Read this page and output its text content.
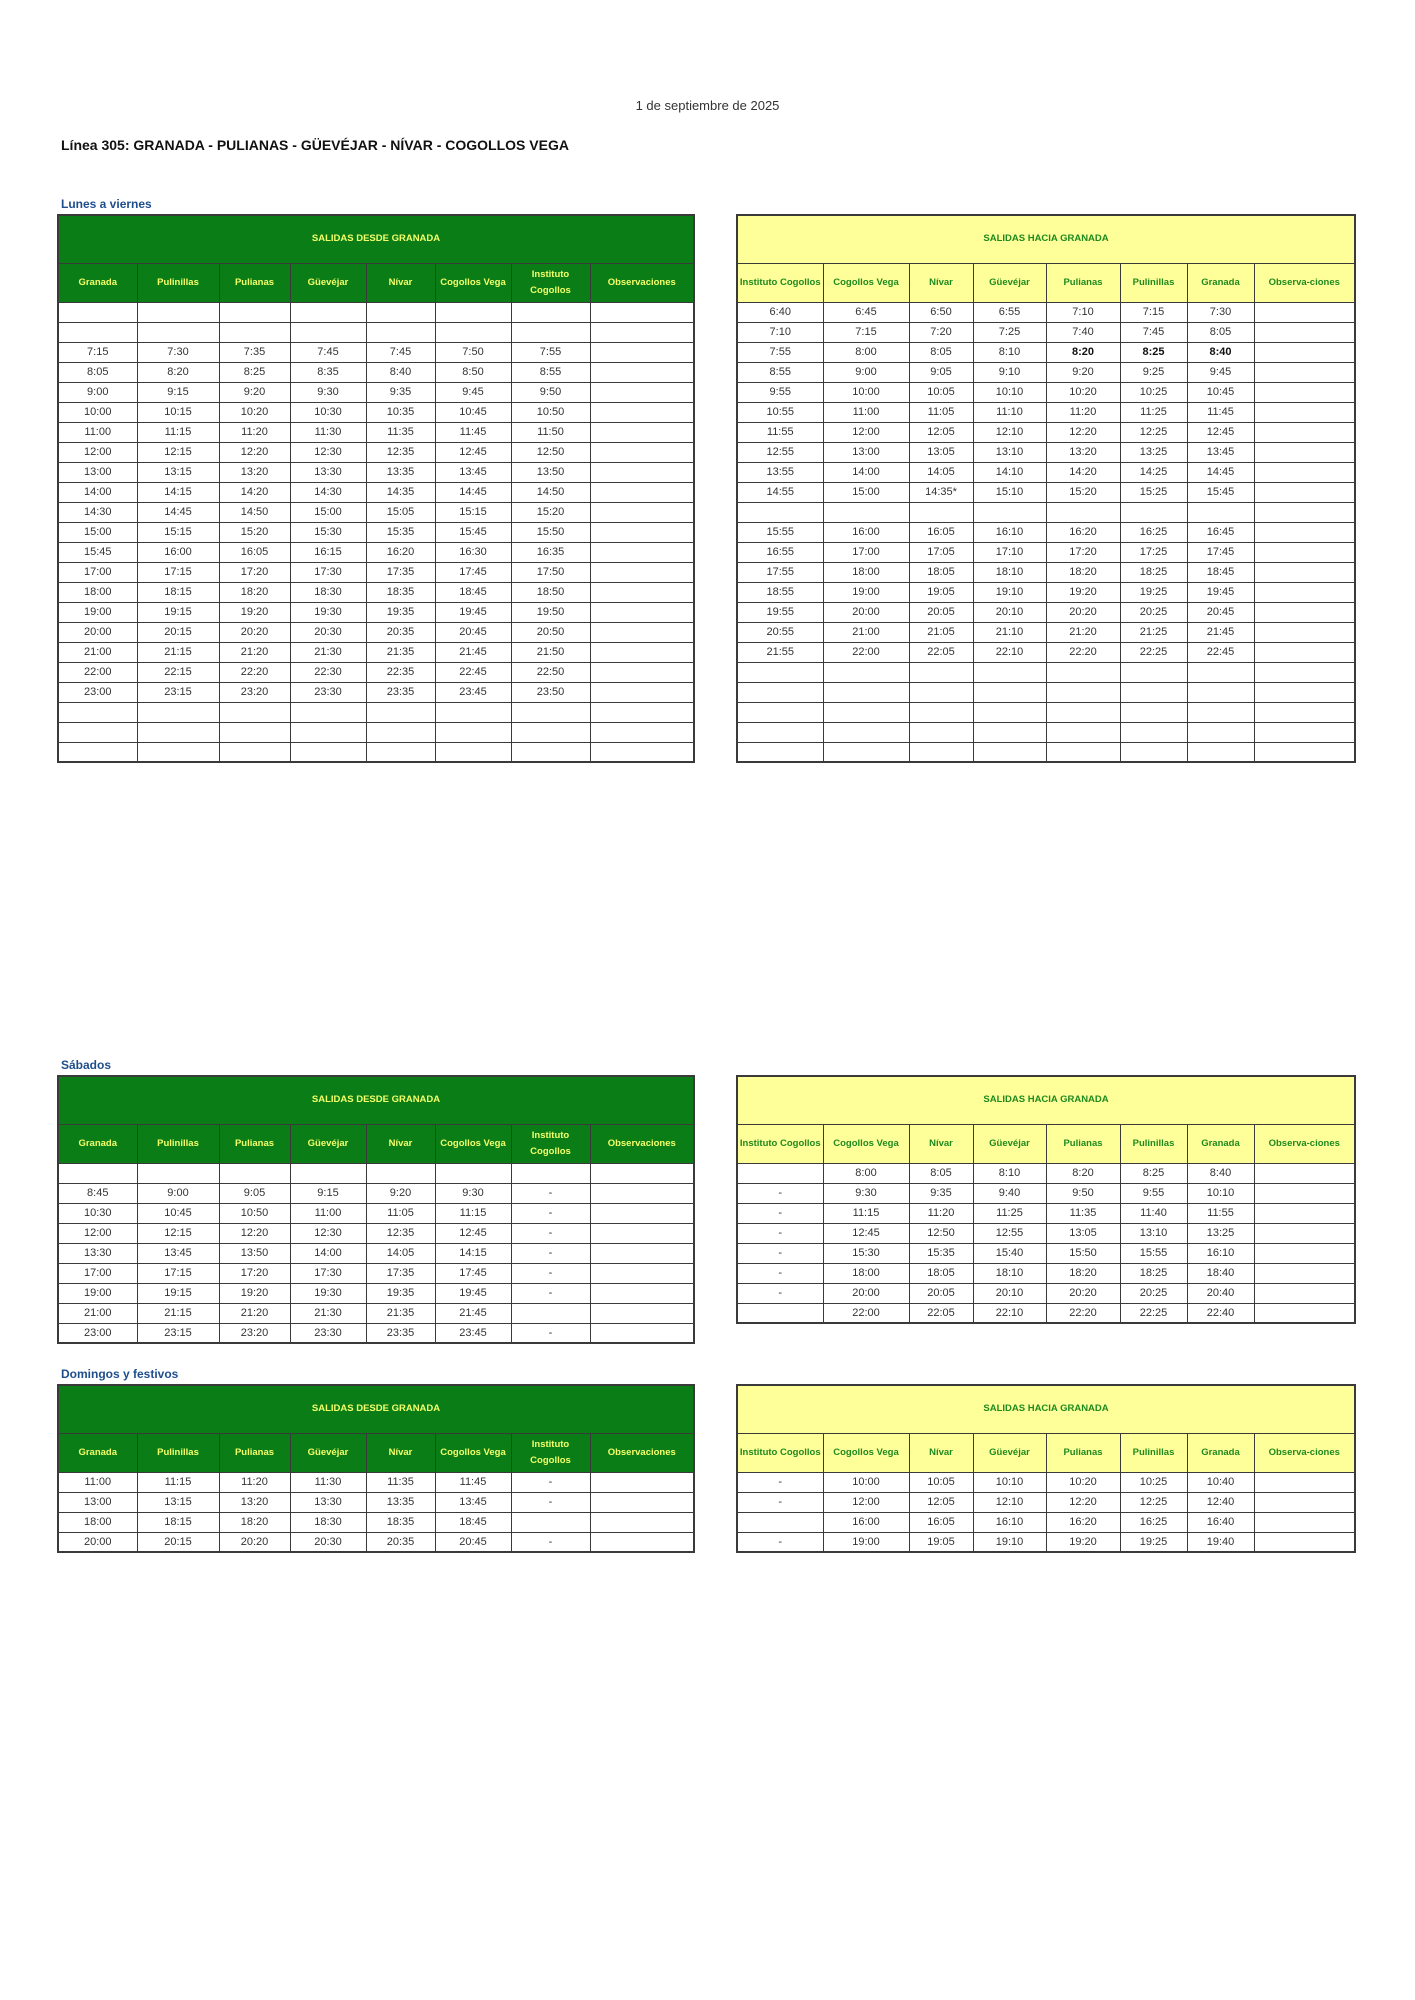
1 de septiembre de 2025
Línea 305: GRANADA - PULIANAS - GÜEVÉJAR - NÍVAR - COGOLLOS VEGA
Lunes a viernes
SALIDAS DESDE GRANADA							
Granada	Pulinillas	Pulianas	Güevéjar	Nívar	Cogollos Vega	Instituto Cogollos	Observaciones

7:15	7:30	7:35	7:45	7:45	7:50	7:55	
8:05	8:20	8:25	8:35	8:40	8:50	8:55	
9:00	9:15	9:20	9:30	9:35	9:45	9:50	
10:00	10:15	10:20	10:30	10:35	10:45	10:50	
11:00	11:15	11:20	11:30	11:35	11:45	11:50	
12:00	12:15	12:20	12:30	12:35	12:45	12:50	
13:00	13:15	13:20	13:30	13:35	13:45	13:50	
14:00	14:15	14:20	14:30	14:35	14:45	14:50	
14:30	14:45	14:50	15:00	15:05	15:15	15:20	
15:00	15:15	15:20	15:30	15:35	15:45	15:50	
15:45	16:00	16:05	16:15	16:20	16:30	16:35	
17:00	17:15	17:20	17:30	17:35	17:45	17:50	
18:00	18:15	18:20	18:30	18:35	18:45	18:50	
19:00	19:15	19:20	19:30	19:35	19:45	19:50	
20:00	20:15	20:20	20:30	20:35	20:45	20:50	
21:00	21:15	21:20	21:30	21:35	21:45	21:50	
22:00	22:15	22:20	22:30	22:35	22:45	22:50	
23:00	23:15	23:20	23:30	23:35	23:45	23:50	

SALIDAS HACIA GRANADA							
Instituto Cogollos	Cogollos Vega	Nívar	Güevéjar	Pulianas	Pulinillas	Granada	Observa-ciones
6:40	6:45	6:50	6:55	7:10	7:15	7:30	
7:10	7:15	7:20	7:25	7:40	7:45	8:05	
7:55	8:00	8:05	8:10	8:20	8:25	8:40	
8:55	9:00	9:05	9:10	9:20	9:25	9:45	
9:55	10:00	10:05	10:10	10:20	10:25	10:45	
10:55	11:00	11:05	11:10	11:20	11:25	11:45	
11:55	12:00	12:05	12:10	12:20	12:25	12:45	
12:55	13:00	13:05	13:10	13:20	13:25	13:45	
13:55	14:00	14:05	14:10	14:20	14:25	14:45	
14:55	15:00	14:35*	15:10	15:20	15:25	15:45	

15:55	16:00	16:05	16:10	16:20	16:25	16:45	
16:55	17:00	17:05	17:10	17:20	17:25	17:45	
17:55	18:00	18:05	18:10	18:20	18:25	18:45	
18:55	19:00	19:05	19:10	19:20	19:25	19:45	
19:55	20:00	20:05	20:10	20:20	20:25	20:45	
20:55	21:00	21:05	21:10	21:20	21:25	21:45	
21:55	22:00	22:05	22:10	22:20	22:25	22:45	

Sábados
SALIDAS DESDE GRANADA							
Granada	Pulinillas	Pulianas	Güevéjar	Nívar	Cogollos Vega	Instituto Cogollos	Observaciones

8:45	9:00	9:05	9:15	9:20	9:30	-	
10:30	10:45	10:50	11:00	11:05	11:15	-	
12:00	12:15	12:20	12:30	12:35	12:45	-	
13:30	13:45	13:50	14:00	14:05	14:15	-	
17:00	17:15	17:20	17:30	17:35	17:45	-	
19:00	19:15	19:20	19:30	19:35	19:45	-	
21:00	21:15	21:20	21:30	21:35	21:45		
23:00	23:15	23:20	23:30	23:35	23:45	-	
SALIDAS HACIA GRANADA							
Instituto Cogollos	Cogollos Vega	Nívar	Güevéjar	Pulianas	Pulinillas	Granada	Observa-ciones
	8:00	8:05	8:10	8:20	8:25	8:40	
-	9:30	9:35	9:40	9:50	9:55	10:10	
-	11:15	11:20	11:25	11:35	11:40	11:55	
-	12:45	12:50	12:55	13:05	13:10	13:25	
-	15:30	15:35	15:40	15:50	15:55	16:10	
-	18:00	18:05	18:10	18:20	18:25	18:40	
-	20:00	20:05	20:10	20:20	20:25	20:40	
	22:00	22:05	22:10	22:20	22:25	22:40	
Domingos y festivos
SALIDAS DESDE GRANADA							
Granada	Pulinillas	Pulianas	Güevéjar	Nívar	Cogollos Vega	Instituto Cogollos	Observaciones
11:00	11:15	11:20	11:30	11:35	11:45	-	
13:00	13:15	13:20	13:30	13:35	13:45	-	
18:00	18:15	18:20	18:30	18:35	18:45		
20:00	20:15	20:20	20:30	20:35	20:45	-	
SALIDAS HACIA GRANADA							
Instituto Cogollos	Cogollos Vega	Nívar	Güevéjar	Pulianas	Pulinillas	Granada	Observa-ciones
-	10:00	10:05	10:10	10:20	10:25	10:40	
-	12:00	12:05	12:10	12:20	12:25	12:40	
	16:00	16:05	16:10	16:20	16:25	16:40	
-	19:00	19:05	19:10	19:20	19:25	19:40	
